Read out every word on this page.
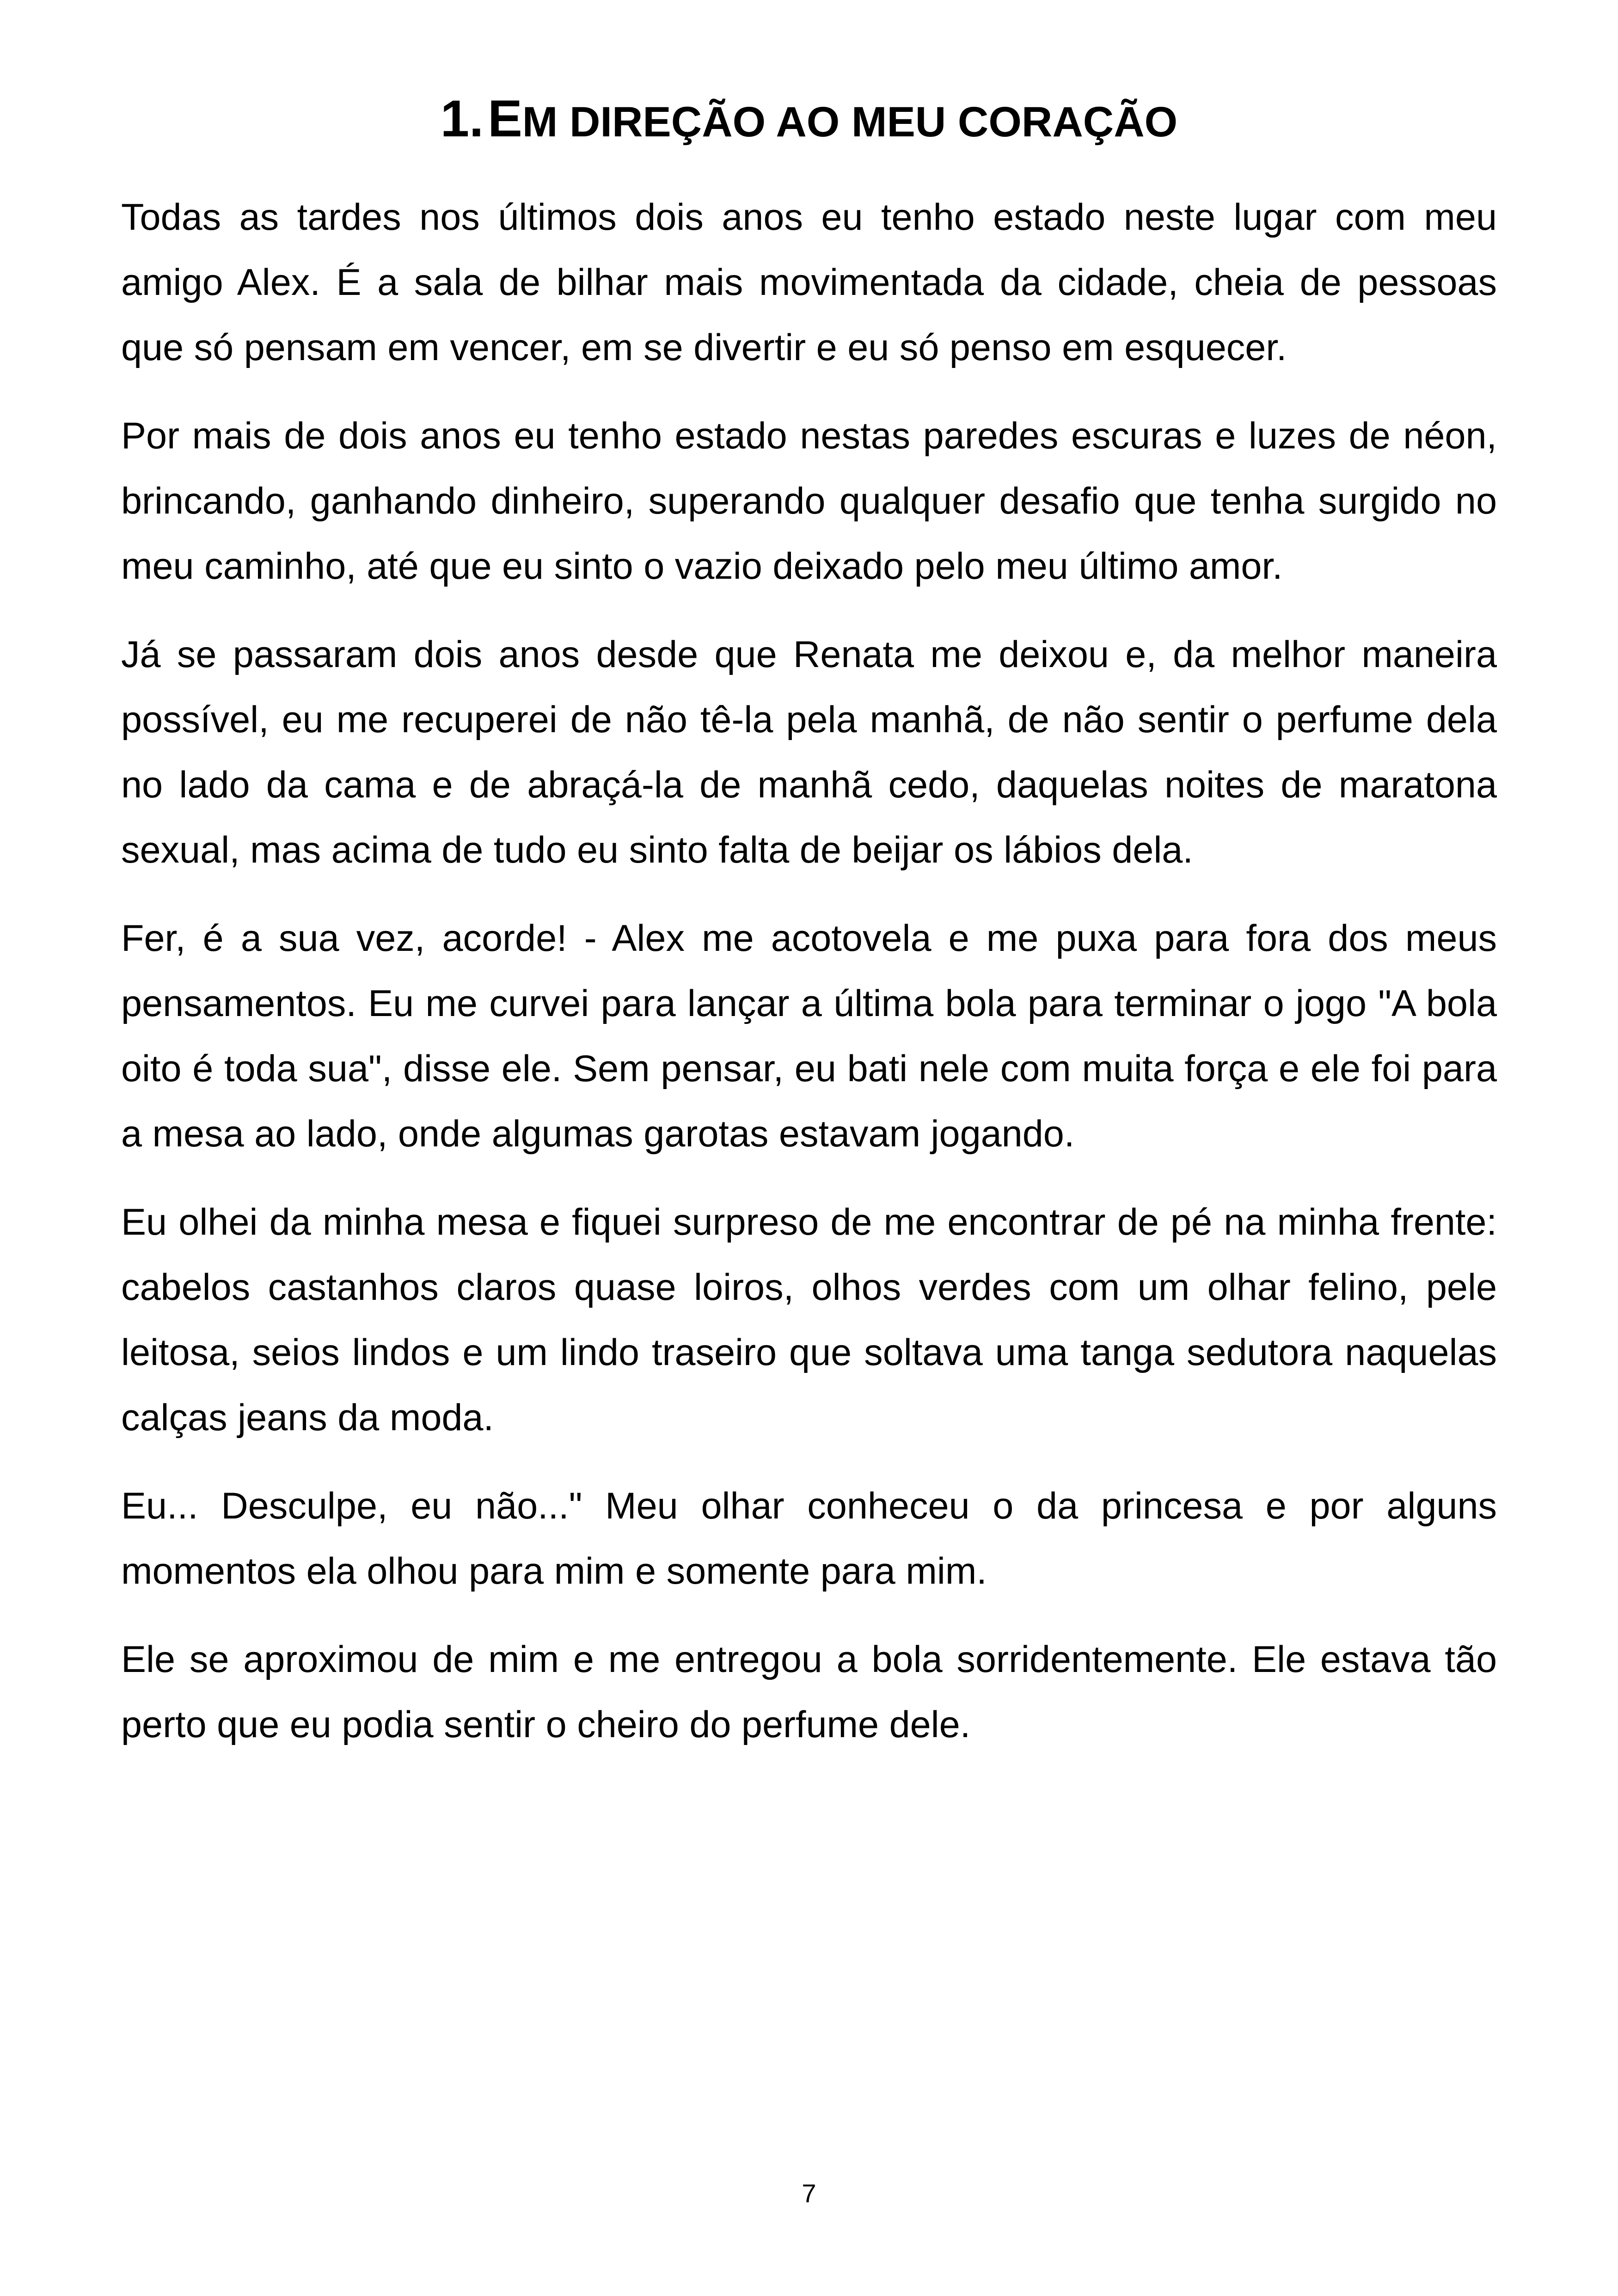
1. EM DIREÇÃO AO MEU CORAÇÃO

Todas as tardes nos últimos dois anos eu tenho estado neste lugar com meu amigo Alex. É a sala de bilhar mais movimentada da cidade, cheia de pessoas que só pensam em vencer, em se divertir e eu só penso em esquecer.

Por mais de dois anos eu tenho estado nestas paredes escuras e luzes de néon, brincando, ganhando dinheiro, superando qualquer desafio que tenha surgido no meu caminho, até que eu sinto o vazio deixado pelo meu último amor.

Já se passaram dois anos desde que Renata me deixou e, da melhor maneira possível, eu me recuperei de não tê-la pela manhã, de não sentir o perfume dela no lado da cama e de abraçá-la de manhã cedo, daquelas noites de maratona sexual, mas acima de tudo eu sinto falta de beijar os lábios dela.

Fer, é a sua vez, acorde! - Alex me acotovela e me puxa para fora dos meus pensamentos. Eu me curvei para lançar a última bola para terminar o jogo "A bola oito é toda sua", disse ele. Sem pensar, eu bati nele com muita força e ele foi para a mesa ao lado, onde algumas garotas estavam jogando.

Eu olhei da minha mesa e fiquei surpreso de me encontrar de pé na minha frente: cabelos castanhos claros quase loiros, olhos verdes com um olhar felino, pele leitosa, seios lindos e um lindo traseiro que soltava uma tanga sedutora naquelas calças jeans da moda.

Eu... Desculpe, eu não..." Meu olhar conheceu o da princesa e por alguns momentos ela olhou para mim e somente para mim.

Ele se aproximou de mim e me entregou a bola sorridentemente. Ele estava tão perto que eu podia sentir o cheiro do perfume dele.

7
